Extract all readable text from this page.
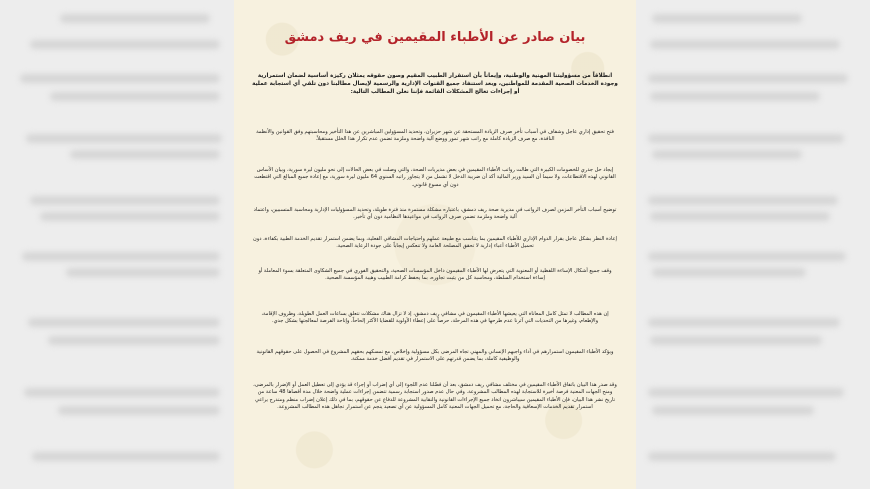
بيان صادر عن الأطباء المقيمين في ريف دمشق

انطلاقاً من مسؤوليتنا المهنية والوطنية، وإيماناً بأن استقرار الطبيب المقيم وصون حقوقه يمثلان ركيزة أساسية لضمان استمرارية وجودة الخدمات الصحية المقدمة للمواطنين، وبعد استنفاد جميع القنوات الإدارية والرسمية لإيصال مطالبنا دون تلقي أي استجابة عملية أو إجراءات تعالج المشكلات القائمة فإننا نعلن المطالب التالية:

فتح تحقيق إداري عاجل وشفاف في أسباب تأخر صرف الزيادة المستحقة عن شهر حزيران، وتحديد المسؤولين المباشرين عن هذا التأخير ومحاسبتهم وفق القوانين والأنظمة النافذة، مع صرف الزيادة كاملة مع راتب شهر تموز ووضع آلية واضحة وملزمة تضمن عدم تكرار هذا الخلل مستقبلاً.

إيجاد حل جذري للخصومات الكبيرة التي طالت رواتب الأطباء المقيمين في بعض مديريات الصحة، والتي وصلت في بعض الحالات إلى نحو مليون ليرة سورية، وبيان الأساس القانوني لهذه الاقتطاعات، ولا سيما أن السيد وزير المالية أكد أن ضريبة الدخل لا تشمل من لا يتجاوز راتبه السنوي 64 مليون ليرة سورية، مع إعادة جميع المبالغ التي اقتطعت دون أي مسوغ قانوني.

توضيح أسباب التأخر المزمن لصرف الرواتب في مديرية صحة ريف دمشق، باعتباره مشكلة مستمرة منذ فترة طويلة، وتحديد المسؤوليات الإدارية ومحاسبة المتسببين، واعتماد آلية واضحة وملزمة تضمن صرف الرواتب في مواعيدها النظامية دون أي تأخير.

إعادة النظر بشكل عاجل بقرار الدوام الإداري للأطباء المقيمين بما يتناسب مع طبيعة عملهم واحتياجات المشافي الفعلية، وبما يضمن استمرار تقديم الخدمة الطبية بكفاءة، دون تحميل الأطباء أعباء إدارية لا تحقق المصلحة العامة ولا تنعكس إيجاباً على جودة الرعاية الصحية.

وقف جميع أشكال الإساءة اللفظية أو المعنوية التي يتعرض لها الأطباء المقيمون داخل المؤسسات الصحية، والتحقيق الفوري في جميع الشكاوى المتعلقة بسوء المعاملة أو إساءة استخدام السلطة، ومحاسبة كل من يثبت تجاوزه، بما يحفظ كرامة الطبيب وهيبة المؤسسة الصحية.

إن هذه المطالب لا تمثل كامل المعاناة التي يعيشها الأطباء المقيمون في مشافي ريف دمشق، إذ لا تزال هناك مشكلات تتعلق بساعات العمل الطويلة، وظروف الإقامة، والإطعام، وغيرها من التحديات التي آثرنا عدم طرحها في هذه المرحلة، حرصاً على إعطاء الأولوية للقضايا الأكثر إلحاحاً، وإتاحة الفرصة لمعالجتها بشكل جدي.

ويؤكد الأطباء المقيمون استمرارهم في أداء واجبهم الإنساني والمهني تجاه المرضى بكل مسؤولية وإخلاص، مع تمسكهم بحقهم المشروع في الحصول على حقوقهم القانونية والوظيفية كاملة، بما يضمن قدرتهم على الاستمرار في تقديم أفضل خدمة ممكنة.

وقد صدر هذا البيان باتفاق الأطباء المقيمين في مختلف مشافي ريف دمشق، بعد أن فضّلنا عدم اللجوء إلى أي إضراب أو إجراء قد يؤدي إلى تعطيل العمل أو الإضرار بالمرضى، ومنح الجهات المعنية فرصة أخيرة للاستجابة لهذه المطالب المشروعة. وفي حال عدم صدور استجابة رسمية تتضمن إجراءات عملية واضحة خلال مدة أقصاها 48 ساعة من تاريخ نشر هذا البيان، فإن الأطباء المقيمين سيباشرون اتخاذ جميع الإجراءات القانونية والنقابية المشروعة للدفاع عن حقوقهم، بما في ذلك إعلان إضراب منظم ومتدرج يراعي استمرار تقديم الخدمات الإسعافية والحاجة، مع تحميل الجهات المعنية كامل المسؤولية عن أي تصعيد ينجم عن استمرار تجاهل هذه المطالب المشروعة.
